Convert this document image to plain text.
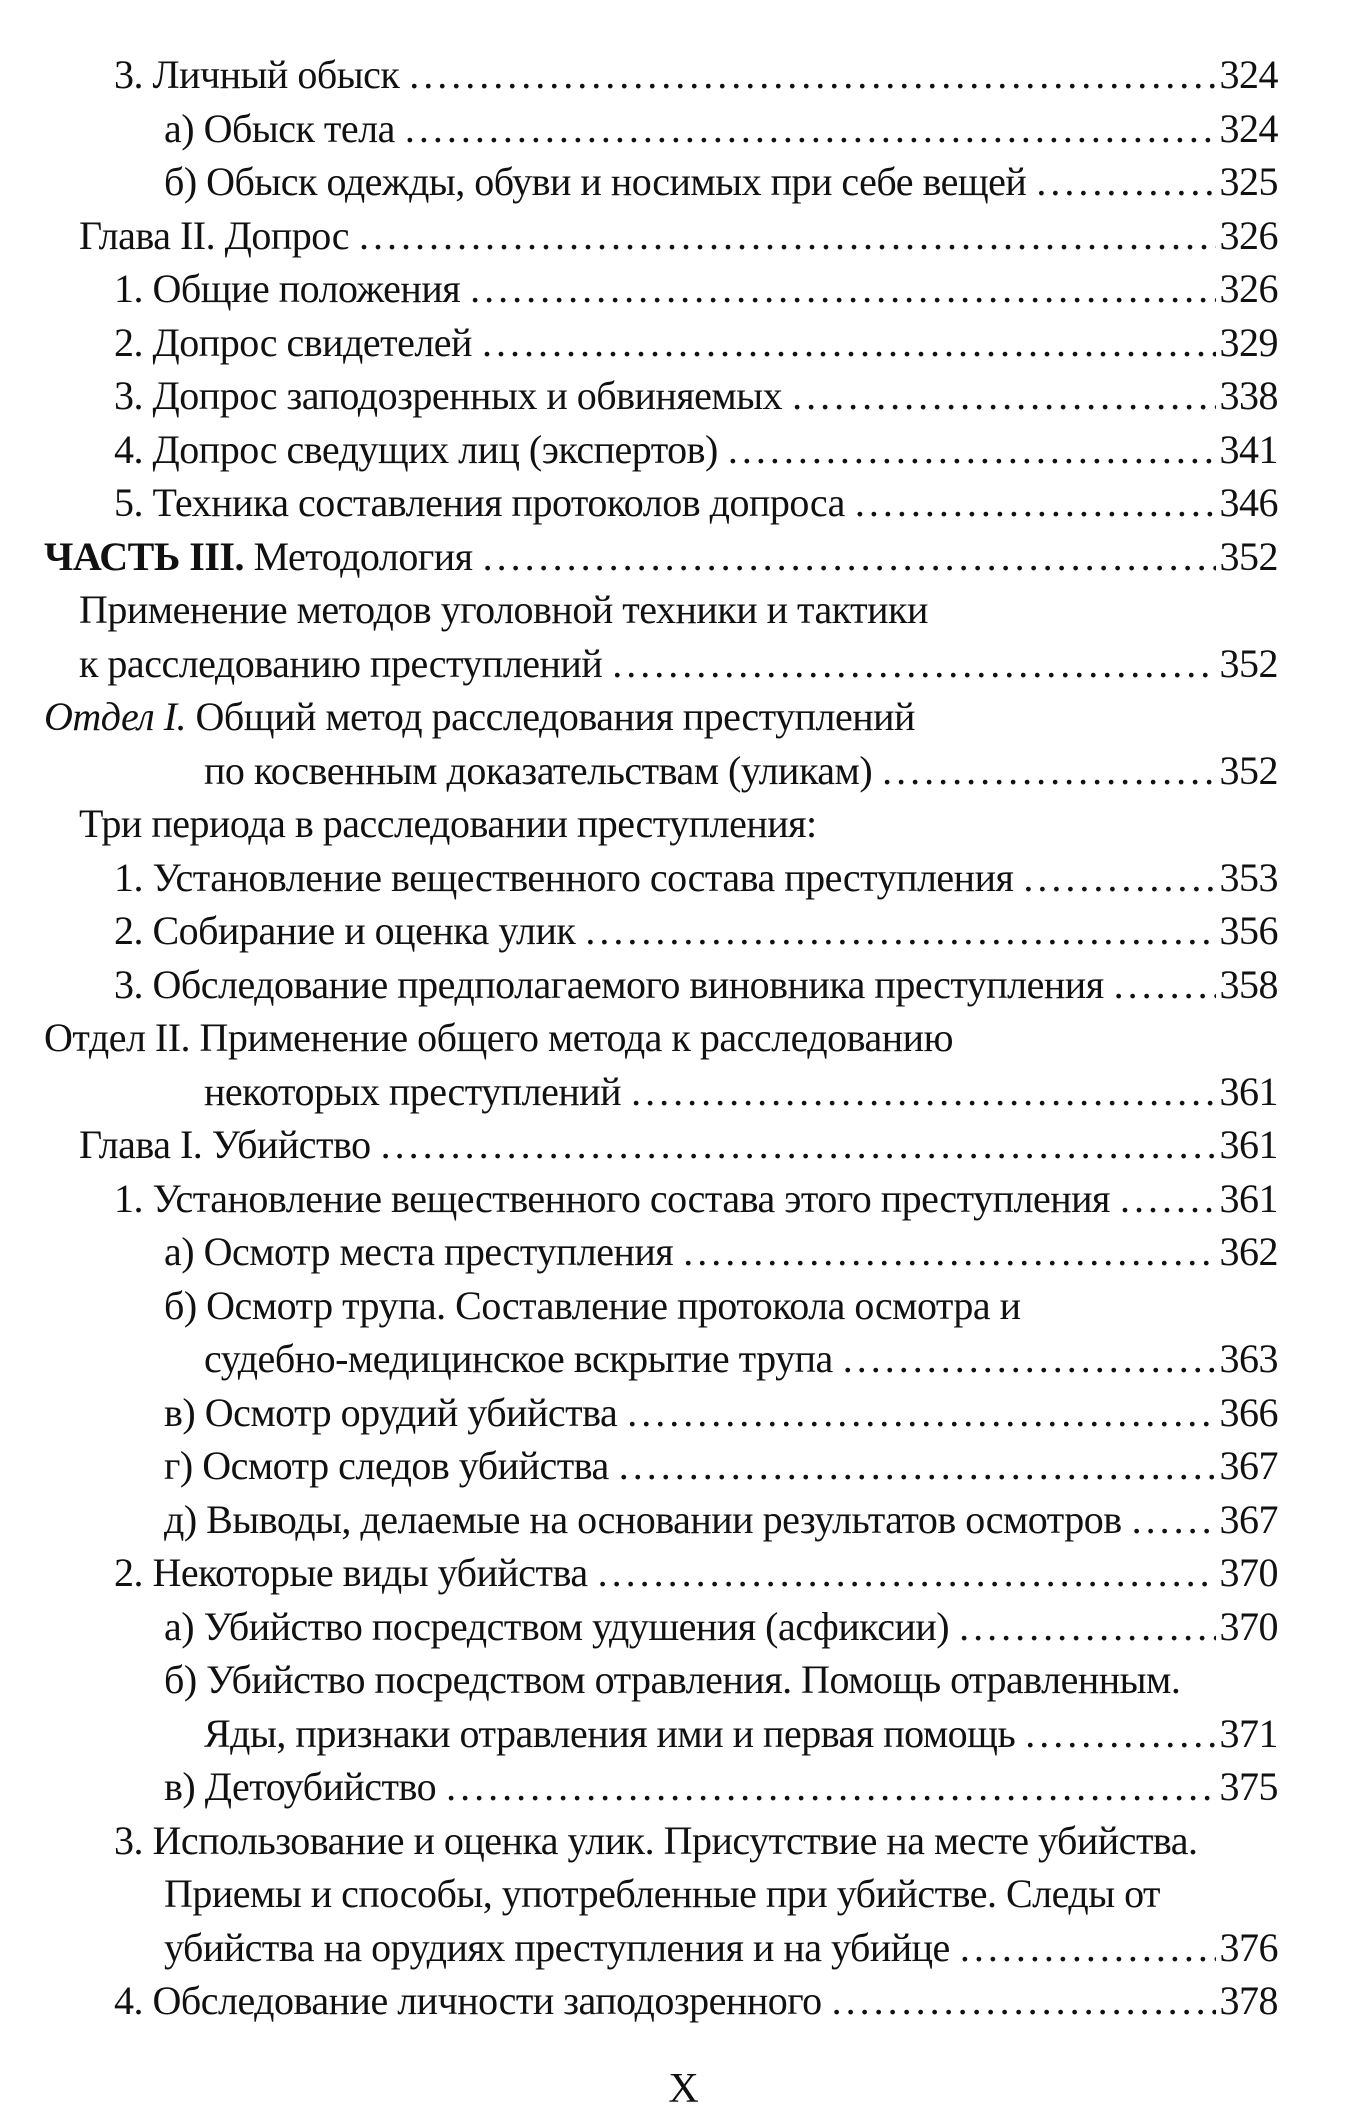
3. Личный обыск . . .	324
а) Обыск тела . . .	324
б) Обыск одежды, обуви и носимых при себе вещей . . .	325
Глава II. Допрос . . .	326
1. Общие положения . . .	326
2. Допрос свидетелей . . .	329
3. Допрос заподозренных и обвиняемых . . .	338
4. Допрос сведущих лиц (экспертов) . . .	341
5. Техника составления протоколов допроса . . .	346
ЧАСТЬ III. Методология . . .	352
Применение методов уголовной техники и тактики
к расследованию преступлений . . .	352
Отдел I. Общий метод расследования преступлений
по косвенным доказательствам (уликам) . . .	352
Три периода в расследовании преступления:
1. Установление вещественного состава преступления . . .	353
2. Собирание и оценка улик . . .	356
3. Обследование предполагаемого виновника преступления . . .	358
Отдел II. Применение общего метода к расследованию
некоторых преступлений . . .	361
Глава I. Убийство . . .	361
1. Установление вещественного состава этого преступления . . .	361
а) Осмотр места преступления . . .	362
б) Осмотр трупа. Составление протокола осмотра и
судебно-медицинское вскрытие трупа . . .	363
в) Осмотр орудий убийства . . .	366
г) Осмотр следов убийства . . .	367
д) Выводы, делаемые на основании результатов осмотров . . . 367
2. Некоторые виды убийства . . .	370
а) Убийство посредством удушения (асфиксии) . . .	370
б) Убийство посредством отравления. Помощь отравленным.
Яды, признаки отравления ими и первая помощь . . .	371
в) Детоубийство . . .	375
3. Использование и оценка улик. Присутствие на месте убийства.
Приемы и способы, употребленные при убийстве. Следы от
убийства на орудиях преступления и на убийце . . .	376
4. Обследование личности заподозренного . . .	378
X
